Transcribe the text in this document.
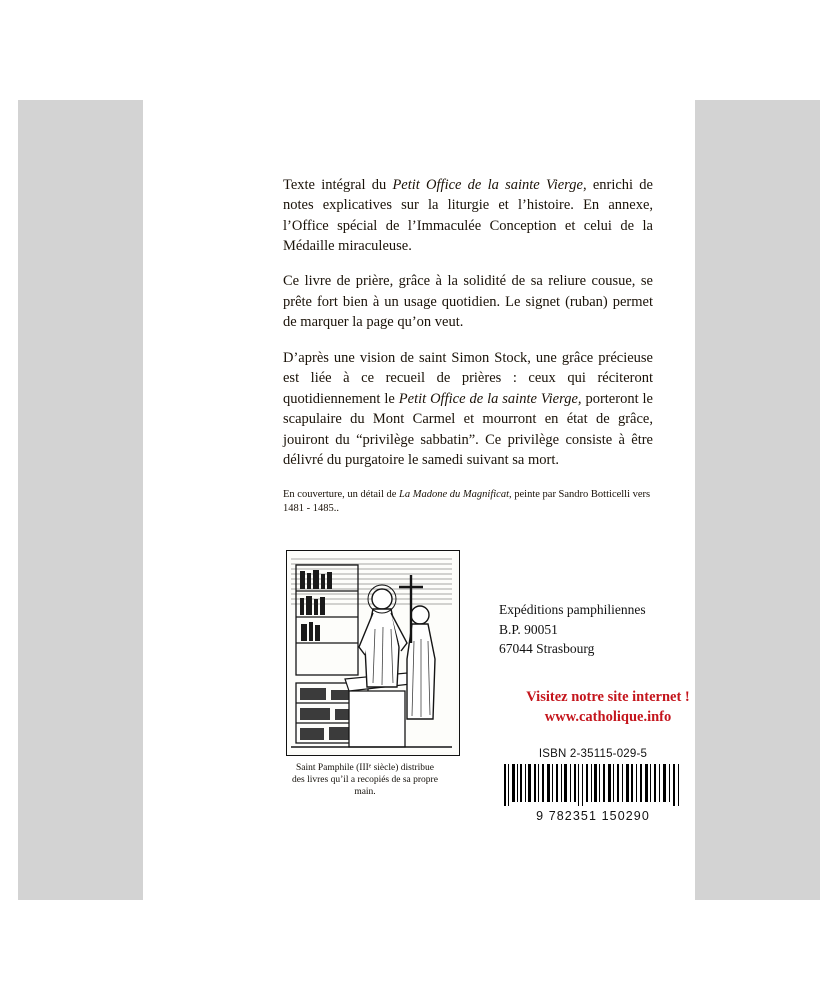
Texte intégral du Petit Office de la sainte Vierge, enrichi de notes explicatives sur la liturgie et l’histoire. En annexe, l’Office spécial de l’Immaculée Conception et celui de la Médaille miraculeuse.

Ce livre de prière, grâce à la solidité de sa reliure cousue, se prête fort bien à un usage quotidien. Le signet (ruban) permet de marquer la page qu’on veut.

D’après une vision de saint Simon Stock, une grâce précieuse est liée à ce recueil de prières : ceux qui réciteront quotidiennement le Petit Office de la sainte Vierge, porteront le scapulaire du Mont Carmel et mourront en état de grâce, jouiront du “privilège sabbatin”. Ce privilège consiste à être délivré du purgatoire le samedi suivant sa mort.

En couverture, un détail de La Madone du Magnificat, peinte par Sandro Botticelli vers 1481 - 1485..
Saint Pamphile (IIIᵉ siècle) distribue des livres qu’il a recopiés de sa propre main.
Expéditions pamphiliennes
B.P. 90051
67044 Strasbourg
Visitez notre site internet !
www.catholique.info
ISBN 2-35115-029-5
9 782351 150290
